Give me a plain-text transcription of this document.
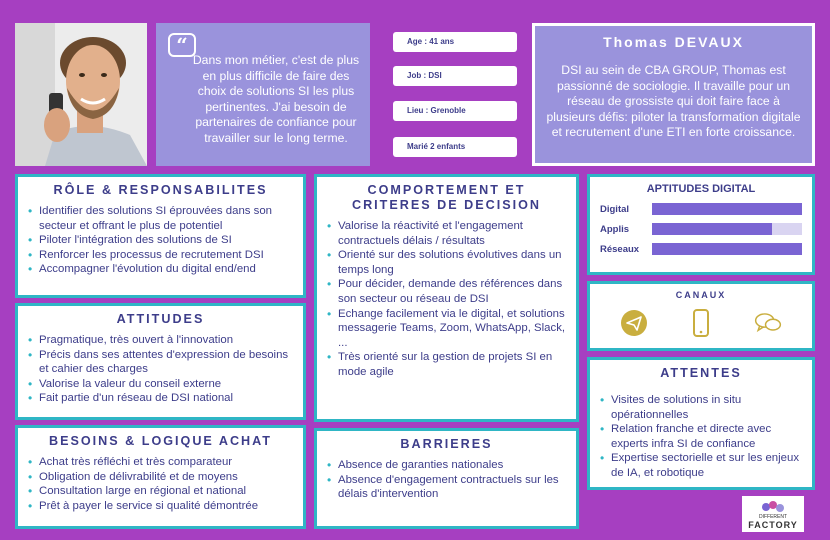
“
Dans mon métier, c'est de plus en plus difficile de faire des choix de solutions SI les plus pertinentes. J'ai besoin de partenaires de confiance pour travailler sur le long terme.
Age : 41 ans
Job : DSI
Lieu : Grenoble
Marié 2 enfants
Thomas DEVAUX
DSI au sein de CBA GROUP, Thomas est passionné de sociologie. Il travaille pour un réseau de grossiste qui doit faire face à plusieurs défis: piloter la transformation digitale et recrutement d'une ETI en forte croissance.
RÔLE & RESPONSABILITES
• Identifier des solutions SI éprouvées dans son secteur et offrant le plus de potentiel
• Piloter l'intégration des solutions de SI
• Renforcer les processus de recrutement DSI
• Accompagner l'évolution du digital end/end
ATTITUDES
• Pragmatique, très ouvert à l'innovation
• Précis dans ses attentes d'expression de besoins et cahier des charges
• Valorise la valeur du conseil externe
• Fait partie d'un réseau de DSI national
BESOINS & LOGIQUE ACHAT
• Achat très réfléchi et très comparateur
• Obligation de délivrabilité et de moyens
• Consultation large en régional et national
• Prêt à payer le service si qualité démontrée
COMPORTEMENT ET CRITERES DE DECISION
• Valorise la réactivité et l'engagement contractuels délais / résultats
• Orienté sur des solutions évolutives dans un temps long
• Pour décider, demande des références dans son secteur ou réseau de DSI
• Echange facilement via le digital, et solutions messagerie Teams, Zoom, WhatsApp, Slack, ...
• Très orienté sur la gestion de projets SI en mode agile
BARRIERES
• Absence de garanties nationales
• Absence d'engagement contractuels sur les délais d'intervention
APTITUDES DIGITAL
Digital
Applis
Réseaux
CANAUX
ATTENTES
• Visites de solutions in situ opérationnelles
• Relation franche et directe avec experts infra SI de confiance
• Expertise sectorielle et sur les enjeux de IA, et robotique
DIFFERENT
FACTORY
